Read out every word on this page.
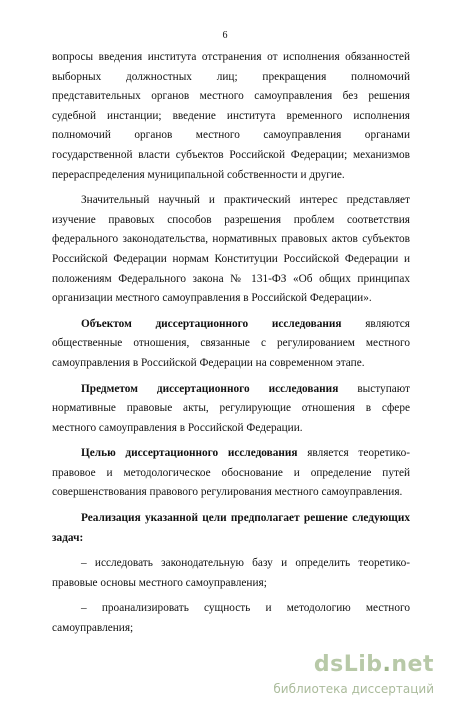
6
вопросы введения института отстранения от исполнения обязанностей
выборных должностных лиц; прекращения полномочий
представительных органов местного самоуправления без решения
судебной инстанции; введение института временного исполнения
полномочий органов местного самоуправления органами
государственной власти субъектов Российской Федерации; механизмов
перераспределения муниципальной собственности и другие.
Значительный научный и практический интерес представляет
изучение правовых способов разрешения проблем соответствия
федерального законодательства, нормативных правовых актов субъектов
Российской Федерации нормам Конституции Российской Федерации и
положениям Федерального закона № 131-ФЗ «Об общих принципах
организации местного самоуправления в Российской Федерации».
Объектом диссертационного исследования являются
общественные отношения, связанные с регулированием местного
самоуправления в Российской Федерации на современном этапе.
Предметом диссертационного исследования выступают
нормативные правовые акты, регулирующие отношения в сфере
местного самоуправления в Российской Федерации.
Целью диссертационного исследования является теоретико-
правовое и методологическое обоснование и определение путей
совершенствования правового регулирования местного самоуправления.
Реализация указанной цели предполагает решение следующих
задач:
– исследовать законодательную базу и определить теоретико-
правовые основы местного самоуправления;
– проанализировать сущность и методологию местного
самоуправления;
dsLib.net
библиотека диссертаций
